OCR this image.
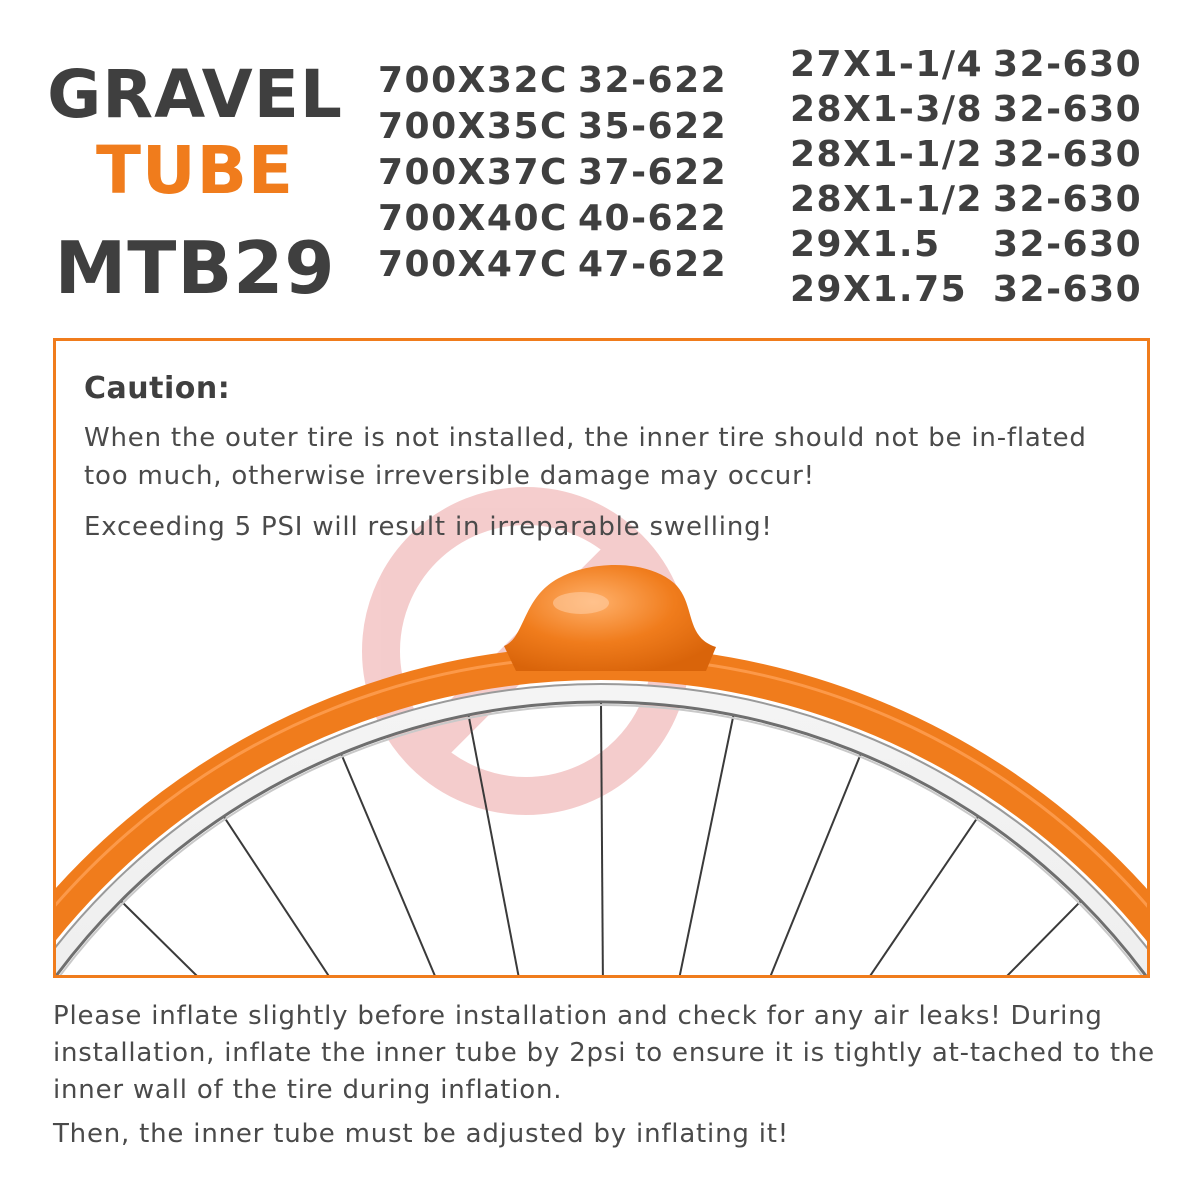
GRAVEL
TUBE
MTB29
700X32C 32-622
700X35C 35-622
700X37C 37-622
700X40C 40-622
700X47C 47-622
27X1-1/4 32-630
28X1-3/8 32-630
28X1-1/2 32-630
28X1-1/2 32-630
29X1.5 32-630
29X1.75 32-630
Caution:
When the outer tire is not installed, the inner tire should not be in-flated too much, otherwise irreversible damage may occur!
Exceeding 5 PSI will result in irreparable swelling!
Please inflate slightly before installation and check for any air leaks! During installation, inflate the inner tube by 2psi to ensure it is tightly at-tached to the inner wall of the tire during inflation.
Then, the inner tube must be adjusted by inflating it!
